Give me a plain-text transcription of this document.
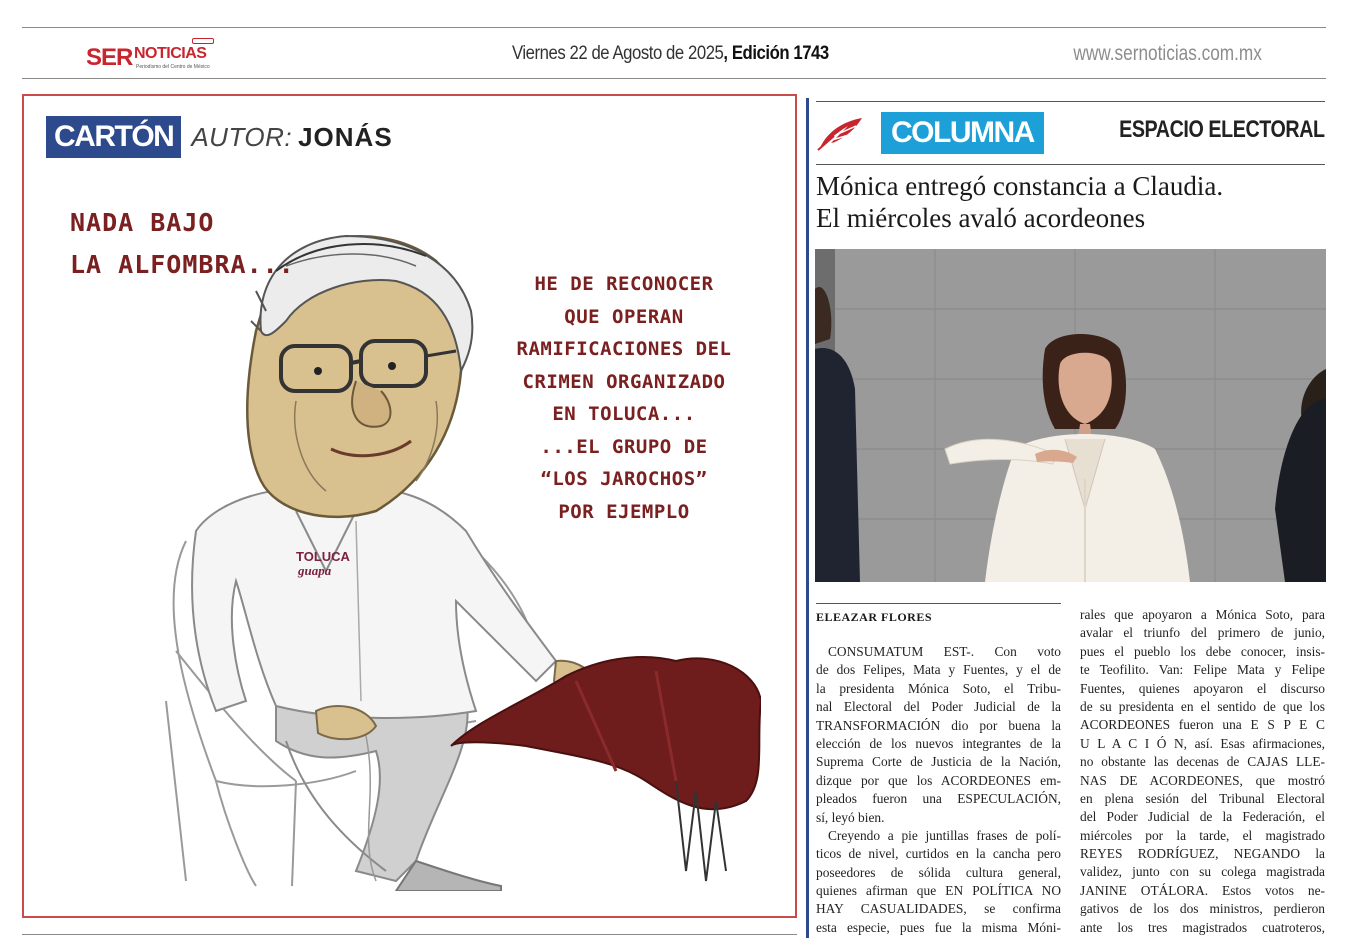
SER NOTICIAS
Periodismo del Centro de México
Viernes 22 de Agosto de 2025, Edición 1743	www.sernoticias.com.mx
CARTÓN AUTOR: JONÁS
TOLUCA
guapa
NADA BAJO
LA ALFOMBRA...
HE DE RECONOCER
QUE OPERAN
RAMIFICACIONES DEL
CRIMEN ORGANIZADO
EN TOLUCA...
...EL GRUPO DE
“LOS JAROCHOS”
POR EJEMPLO
COLUMNA	ESPACIO ELECTORAL
Mónica entregó constancia a Claudia.
El miércoles avaló acordeones
ELEAZAR FLORES
CONSUMATUM EST-. Con voto
de dos Felipes, Mata y Fuentes, y el de
la presidenta Mónica Soto, el Tribu-
nal Electoral del Poder Judicial de la
TRANSFORMACIÓN dio por buena la
elección de los nuevos integrantes de la
Suprema Corte de Justicia de la Nación,
dizque por que los ACORDEONES em-
pleados fueron una ESPECULACIÓN,
sí, leyó bien.
Creyendo a pie juntillas frases de polí-
ticos de nivel, curtidos en la cancha pero
poseedores de sólida cultura general,
quienes afirman que EN POLÍTICA NO
HAY CASUALIDADES, se confirma
esta especie, pues fue la misma Móni-
rales que apoyaron a Mónica Soto, para
avalar el triunfo del primero de junio,
pues el pueblo los debe conocer, insis-
te Teofilito. Van: Felipe Mata y Felipe
Fuentes, quienes apoyaron el discurso
de su presidenta en el sentido de que los
ACORDEONES fueron una E S P E C
U L A C I Ó N, así. Esas afirmaciones,
no obstante las decenas de CAJAS LLE-
NAS DE ACORDEONES, que mostró
en plena sesión del Tribunal Electoral
del Poder Judicial de la Federación, el
miércoles por la tarde, el magistrado
REYES RODRÍGUEZ, NEGANDO la
validez, junto con su colega magistrada
JANINE OTÁLORA. Estos votos ne-
gativos de los dos ministros, perdieron
ante los tres magistrados cuatroteros,
